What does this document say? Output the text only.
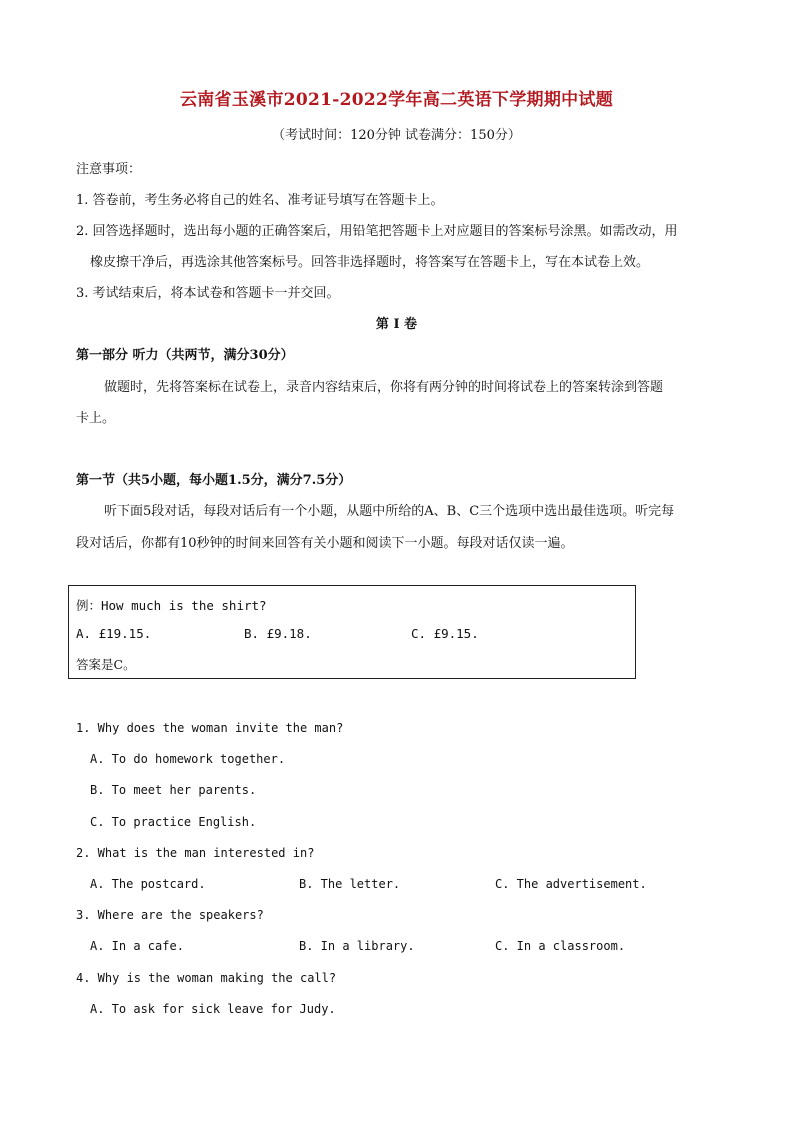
云南省玉溪市2021-2022学年高二英语下学期期中试题
（考试时间：120分钟 试卷满分：150分）
注意事项：
1. 答卷前，考生务必将自己的姓名、准考证号填写在答题卡上。
2. 回答选择题时，选出每小题的正确答案后，用铅笔把答题卡上对应题目的答案标号涂黑。如需改动，用
橡皮擦干净后，再选涂其他答案标号。回答非选择题时，将答案写在答题卡上，写在本试卷上效。
3. 考试结束后，将本试卷和答题卡一并交回。
第 I 卷
第一部分 听力（共两节，满分30分）
做题时，先将答案标在试卷上，录音内容结束后，你将有两分钟的时间将试卷上的答案转涂到答题
卡上。
第一节（共5小题，每小题1.5分，满分7.5分）
听下面5段对话，每段对话后有一个小题，从题中所给的A、B、C三个选项中选出最佳选项。听完每
段对话后，你都有10秒钟的时间来回答有关小题和阅读下一小题。每段对话仅读一遍。
例：How much is the shirt?
A. £19.15.	B. £9.18.	C. £9.15.
答案是C。
1. Why does the woman invite the man?
A. To do homework together.
B. To meet her parents.
C. To practice English.
2. What is the man interested in?
A. The postcard.	B. The letter.	C. The advertisement.
3. Where are the speakers?
A. In a cafe.	B. In a library.	C. In a classroom.
4. Why is the woman making the call?
A. To ask for sick leave for Judy.
